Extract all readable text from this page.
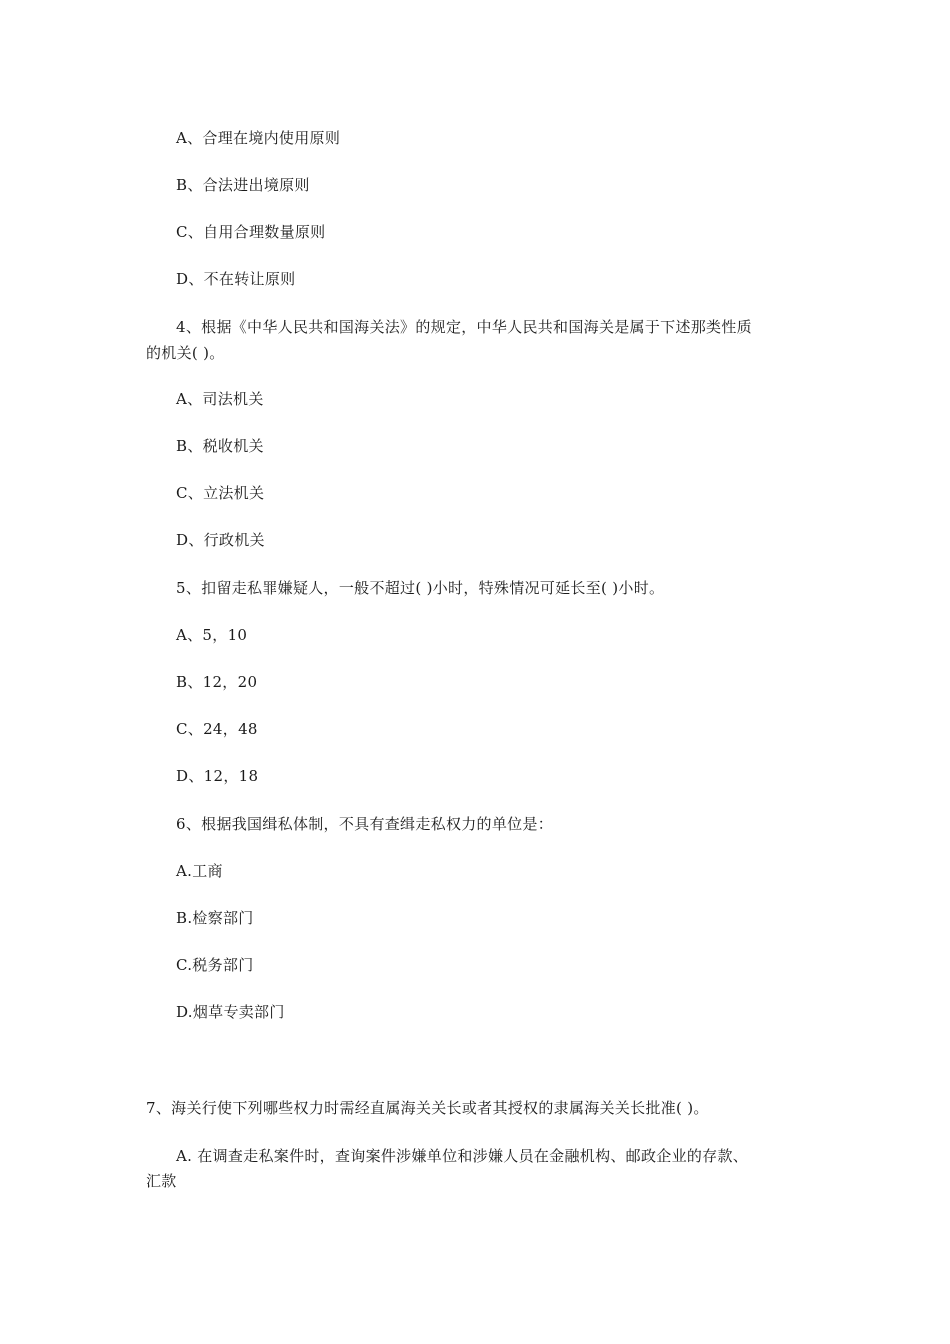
A、合理在境内使用原则
B、合法进出境原则
C、自用合理数量原则
D、不在转让原则
4、根据《中华人民共和国海关法》的规定，中华人民共和国海关是属于下述那类性质
的机关( )。
A、司法机关
B、税收机关
C、立法机关
D、行政机关
5、扣留走私罪嫌疑人，一般不超过( )小时，特殊情况可延长至( )小时。
A、5，10
B、12，20
C、24，48
D、12，18
6、根据我国缉私体制，不具有查缉走私权力的单位是：
A.工商
B.检察部门
C.税务部门
D.烟草专卖部门
7、海关行使下列哪些权力时需经直属海关关长或者其授权的隶属海关关长批准( )。
A. 在调查走私案件时，查询案件涉嫌单位和涉嫌人员在金融机构、邮政企业的存款、
汇款
